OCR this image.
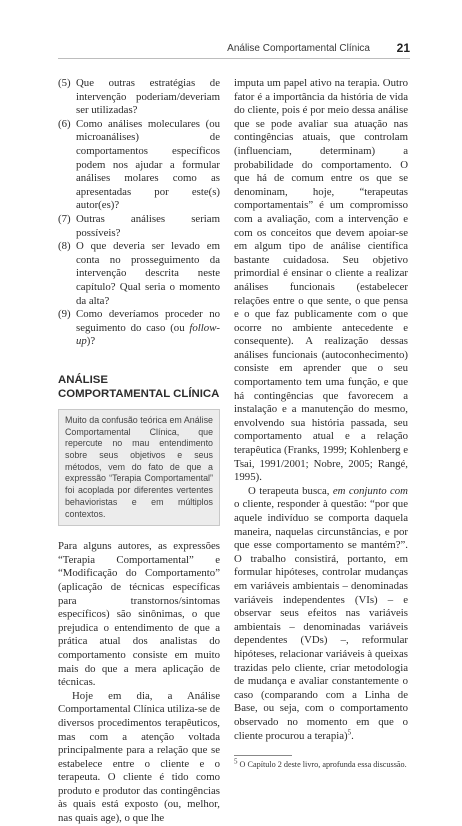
Análise Comportamental Clínica 21
(5) Que outras estratégias de intervenção poderiam/deveriam ser utilizadas?
(6) Como análises moleculares (ou microanálises) de comportamentos específicos podem nos ajudar a formular análises molares como as apresentadas por este(s) autor(es)?
(7) Outras análises seriam possíveis?
(8) O que deveria ser levado em conta no prosseguimento da intervenção descrita neste capítulo? Qual seria o momento da alta?
(9) Como deveríamos proceder no seguimento do caso (ou follow-up)?
ANÁLISE COMPORTAMENTAL CLÍNICA
Muito da confusão teórica em Análise Comportamental Clínica, que repercute no mau entendimento sobre seus objetivos e seus métodos, vem do fato de que a expressão “Terapia Comportamental” foi acoplada por diferentes vertentes behavioristas e em múltiplos contextos.

Para alguns autores, as expressões “Terapia Comportamental” e “Modificação do Comportamento” (aplicação de técnicas específicas para transtornos/sintomas específicos) são sinônimas, o que prejudica o entendimento de que a prática atual dos analistas do comportamento consiste em muito mais do que a mera aplicação de técnicas.

Hoje em dia, a Análise Comportamental Clínica utiliza-se de diversos procedimentos terapêuticos, mas com a atenção voltada principalmente para a relação que se estabelece entre o cliente e o terapeuta. O cliente é tido como produto e produtor das contingências às quais está exposto (ou, melhor, nas quais age), o que lhe

imputa um papel ativo na terapia. Outro fator é a importância da história de vida do cliente, pois é por meio dessa análise que se pode avaliar sua atuação nas contingências atuais, que controlam (influenciam, determinam) a probabilidade do comportamento. O que há de comum entre os que se denominam, hoje, “terapeutas comportamentais” é um compromisso com a avaliação, com a intervenção e com os conceitos que devem apoiar-se em algum tipo de análise científica bastante cuidadosa. Seu objetivo primordial é ensinar o cliente a realizar análises funcionais (estabelecer relações entre o que sente, o que pensa e o que faz publicamente com o que ocorre no ambiente antecedente e consequente). A realização dessas análises funcionais (autoconhecimento) consiste em aprender que o seu comportamento tem uma função, e que há contingências que favorecem a instalação e a manutenção do mesmo, envolvendo sua história passada, seu comportamento atual e a relação terapêutica (Franks, 1999; Kohlenberg e Tsai, 1991/2001; Nobre, 2005; Rangé, 1995).

O terapeuta busca, em conjunto com o cliente, responder à questão: “por que aquele indivíduo se comporta daquela maneira, naquelas circunstâncias, e por que esse comportamento se mantém?”. O trabalho consistirá, portanto, em formular hipóteses, controlar mudanças em variáveis ambientais – denominadas variáveis independentes (VIs) – e observar seus efeitos nas variáveis ambientais – denominadas variáveis dependentes (VDs) –, reformular hipóteses, relacionar variáveis à queixas trazidas pelo cliente, criar metodologia de mudança e avaliar constantemente o caso (comparando com a Linha de Base, ou seja, com o comportamento observado no momento em que o cliente procurou a terapia)$^5$.

$^5$ O Capítulo 2 deste livro, aprofunda essa discussão.
